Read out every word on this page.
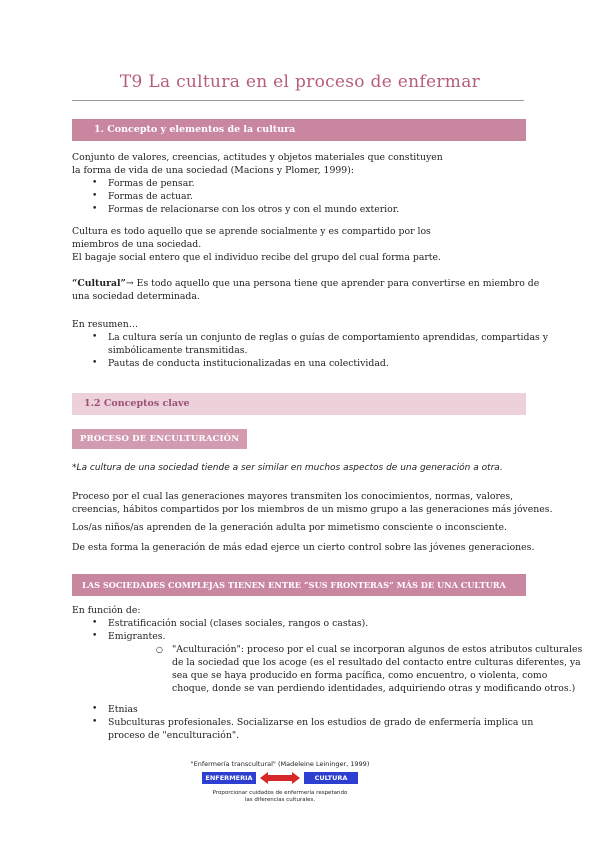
T9 La cultura en el proceso de enfermar
1. Concepto y elementos de la cultura
Conjunto de valores, creencias, actitudes y objetos materiales que constituyen
la forma de vida de una sociedad (Macions y Plomer, 1999):
• Formas de pensar.
• Formas de actuar.
• Formas de relacionarse con los otros y con el mundo exterior.
Cultura es todo aquello que se aprende socialmente y es compartido por los
miembros de una sociedad.
El bagaje social entero que el individuo recibe del grupo del cual forma parte.
“Cultural”→ Es todo aquello que una persona tiene que aprender para convertirse en miembro de
una sociedad determinada.
En resumen…
• La cultura sería un conjunto de reglas o guías de comportamiento aprendidas, compartidas y
simbólicamente transmitidas.
• Pautas de conducta institucionalizadas en una colectividad.
1.2 Conceptos clave
PROCESO DE ENCULTURACIÓN
*La cultura de una sociedad tiende a ser similar en muchos aspectos de una generación a otra.
Proceso por el cual las generaciones mayores transmiten los conocimientos, normas, valores,
creencias, hábitos compartidos por los miembros de un mismo grupo a las generaciones más jóvenes.
Los/as niños/as aprenden de la generación adulta por mimetismo consciente o inconsciente.
De esta forma la generación de más edad ejerce un cierto control sobre las jóvenes generaciones.
LAS SOCIEDADES COMPLEJAS TIENEN ENTRE “SUS FRONTERAS” MÁS DE UNA CULTURA
En función de:
• Estratificación social (clases sociales, rangos o castas).
• Emigrantes.
○ "Aculturación": proceso por el cual se incorporan algunos de estos atributos culturales
de la sociedad que los acoge (es el resultado del contacto entre culturas diferentes, ya
sea que se haya producido en forma pacífica, como encuentro, o violenta, como
choque, donde se van perdiendo identidades, adquiriendo otras y modificando otros.)
• Etnias
• Subculturas profesionales. Socializarse en los estudios de grado de enfermería implica un
proceso de "enculturación".
"Enfermería transcultural" (Madeleine Leininger, 1999)
ENFERMERIA	CULTURA
Proporcionar cuidados de enfermería respetando
las diferencias culturales.
